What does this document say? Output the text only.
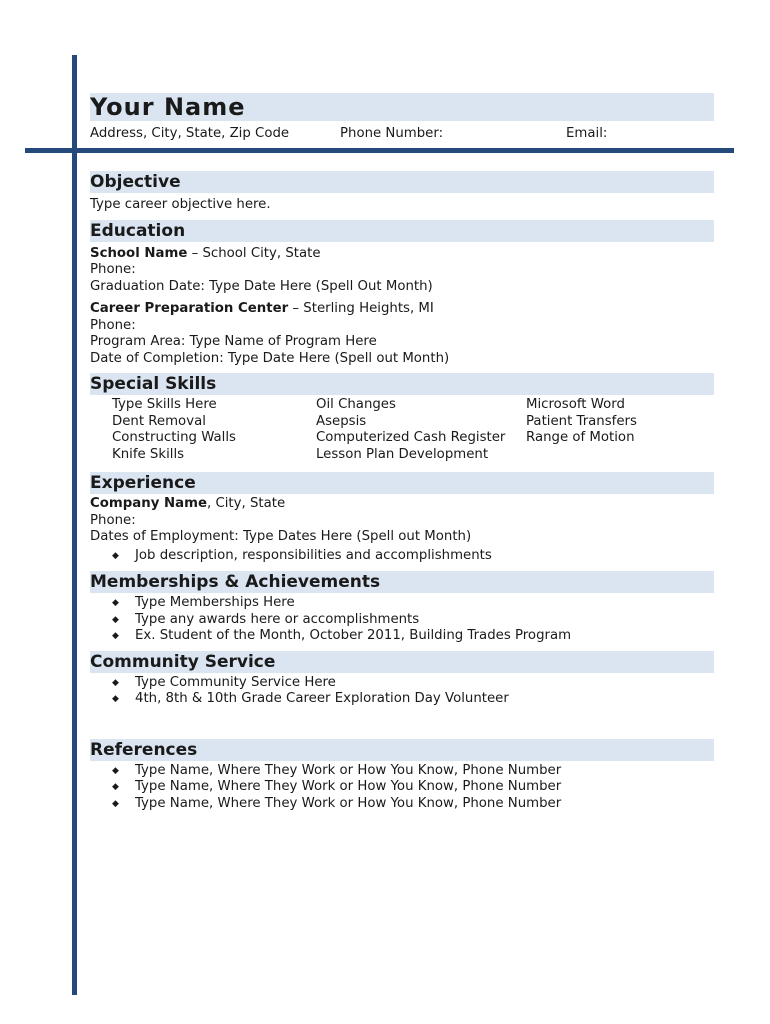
Your Name
Address, City, State, Zip Code	Phone Number:	Email:
Objective

Type career objective here.

Education

School Name – School City, State

Phone:

Graduation Date: Type Date Here (Spell Out Month)

Career Preparation Center – Sterling Heights, MI

Phone:

Program Area: Type Name of Program Here

Date of Completion: Type Date Here (Spell out Month)

Special Skills
Type Skills Here	Oil Changes	Microsoft Word
Dent Removal	Asepsis	Patient Transfers
Constructing Walls	Computerized Cash Register	Range of Motion
Knife Skills	Lesson Plan Development
Experience

Company Name, City, State

Phone:

Dates of Employment: Type Dates Here (Spell out Month)

◆ Job description, responsibilities and accomplishments
Memberships & Achievements
◆ Type Memberships Here
◆ Type any awards here or accomplishments
◆ Ex. Student of the Month, October 2011, Building Trades Program
Community Service
◆ Type Community Service Here
◆ 4th, 8th & 10th Grade Career Exploration Day Volunteer
References
◆ Type Name, Where They Work or How You Know, Phone Number
◆ Type Name, Where They Work or How You Know, Phone Number
◆ Type Name, Where They Work or How You Know, Phone Number
